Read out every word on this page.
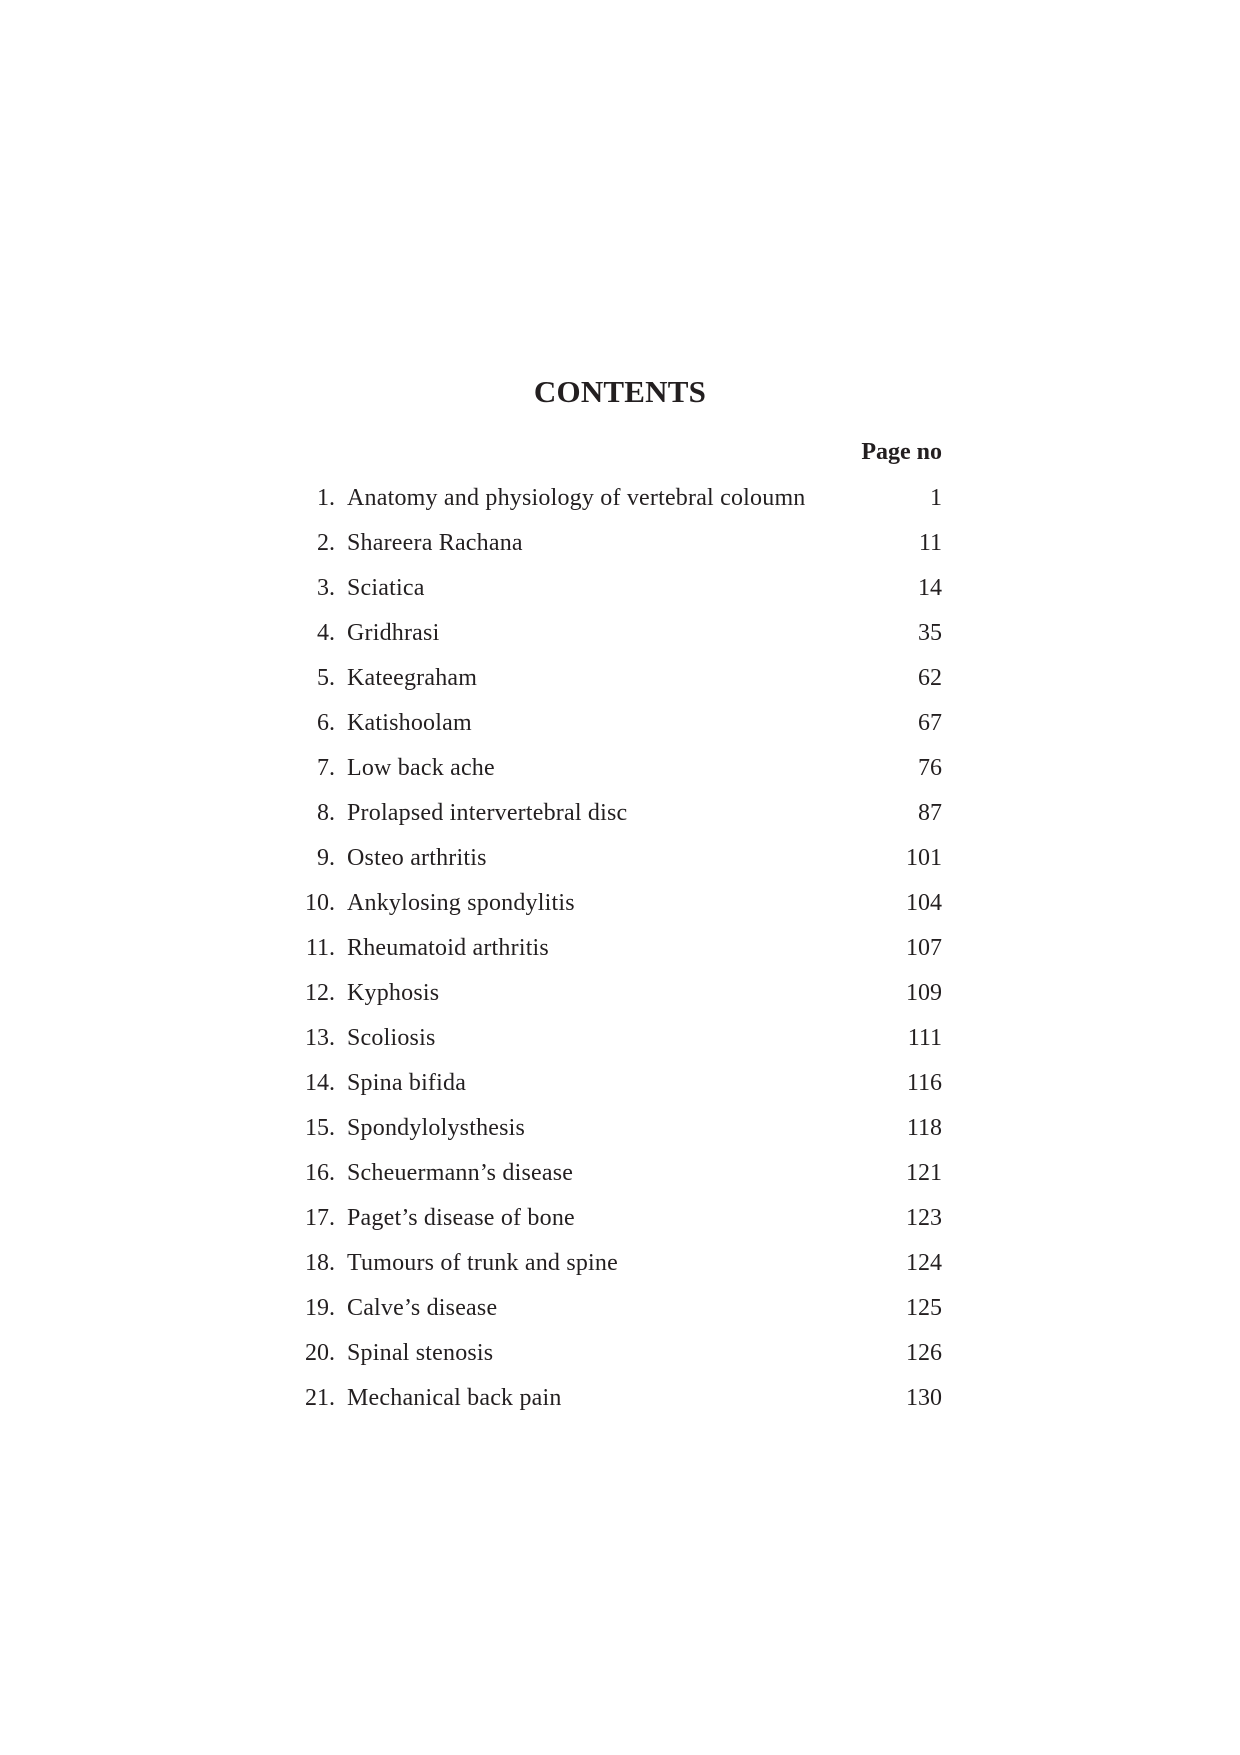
CONTENTS
Page no
1. Anatomy and physiology of vertebral coloumn	1
2. Shareera Rachana	11
3. Sciatica	14
4. Gridhrasi	35
5. Kateegraham	62
6. Katishoolam	67
7. Low back ache	76
8. Prolapsed intervertebral disc	87
9. Osteo arthritis	101
10. Ankylosing spondylitis	104
11. Rheumatoid arthritis	107
12. Kyphosis	109
13. Scoliosis	111
14. Spina bifida	116
15. Spondylolysthesis	118
16. Scheuermann’s disease	121
17. Paget’s disease of bone	123
18. Tumours of trunk and spine	124
19. Calve’s disease	125
20. Spinal stenosis	126
21. Mechanical back pain	130
